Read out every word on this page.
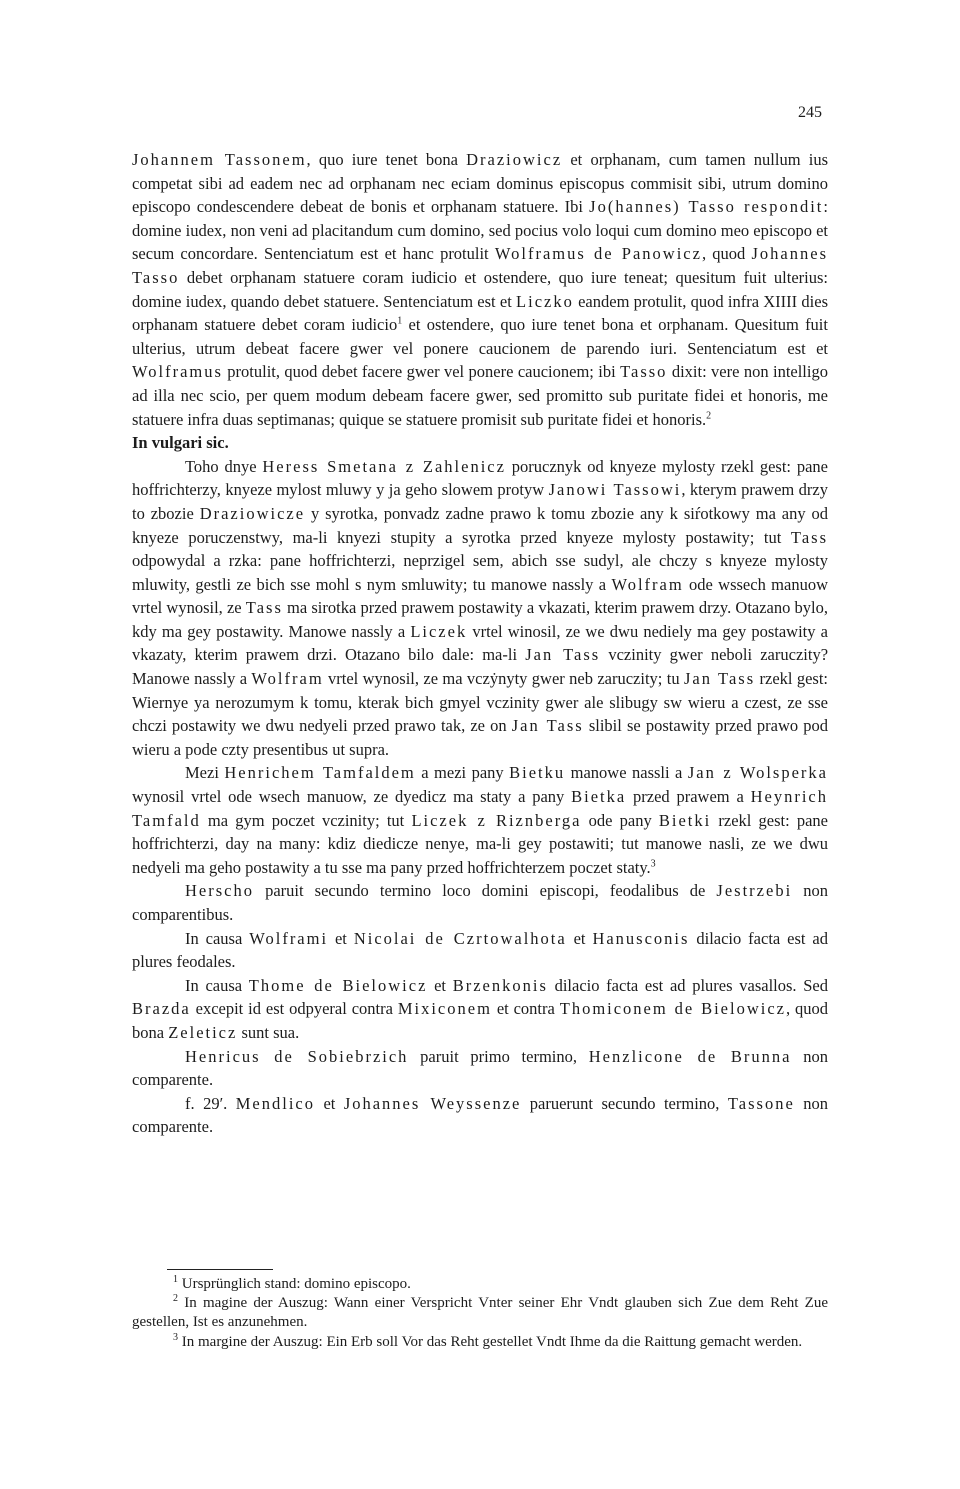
245

Johannem Tassonem, quo iure tenet bona Draziowicz et orphanam, cum tamen nullum ius competat sibi ad eadem nec ad orphanam nec eciam dominus episcopus commisit sibi, utrum domino episcopo condescendere debeat de bonis et orphanam statuere. Ibi Jo(hannes) Tasso respondit: domine iudex, non veni ad placitandum cum domino, sed pocius volo loqui cum domino meo episcopo et secum concordare. Sentenciatum est et hanc protulit Wolframus de Panowicz, quod Johannes Tasso debet orphanam statuere coram iudicio et ostendere, quo iure teneat; quesitum fuit ulterius: domine iudex, quando debet statuere. Sentenciatum est et Liczko eandem protulit, quod infra XIIII dies orphanam statuere debet coram iudicio$^1$ et ostendere, quo iure tenet bona et orphanam. Quesitum fuit ulterius, utrum debeat facere gwer vel ponere caucionem de parendo iuri. Sentenciatum est et Wolframus protulit, quod debet facere gwer vel ponere caucionem; ibi Tasso dixit: vere non intelligo ad illa nec scio, per quem modum debeam facere gwer, sed promitto sub puritate fidei et honoris, me statuere infra duas septimanas; quique se statuere promisit sub puritate fidei et honoris.$^2$

In vulgari sic.

Toho dnye Heress Smetana z Zahlenicz porucznyk od knyeze mylosty rzekl gest: pane hoffrichterzy, knyeze mylost mluwy y ja geho slowem protyw Janowi Tassowi, kterym prawem drzy to zbozie Draziowicze y syrotka, ponvadz zadne prawo k tomu zbozie any k siŕotkowy ma any od knyeze poruczenstwy, ma-li knyezi stupity a syrotka przed knyeze mylosty postawity; tut Tass odpowydal a rzka: pane hoffrichterzi, neprzigel sem, abich sse sudyl, ale chczy s knyeze mylosty mluwity, gestli ze bich sse mohl s nym smluwity; tu manowe nassly a Wolfram ode wssech manuow vrtel wynosil, ze Tass ma sirotka przed prawem postawity a vkazati, kterim prawem drzy. Otazano bylo, kdy ma gey postawity. Manowe nassly a Liczek vrtel winosil, ze we dwu nediely ma gey postawity a vkazaty, kterim prawem drzi. Otazano bilo dale: ma-li Jan Tass vczinity gwer neboli zaruczity? Manowe nassly a Wolfram vrtel wynosil, ze ma vczẏnyty gwer neb zaruczity; tu Jan Tass rzekl gest: Wiernye ya nerozumym k tomu, kterak bich gmyel vczinity gwer ale slibugy sw wieru a czest, ze sse chczi postawity we dwu nedyeli przed prawo tak, ze on Jan Tass slibil se postawity przed prawo pod wieru a pode czty presentibus ut supra.

Mezi Henrichem Tamfaldem a mezi pany Bietku manowe nassli a Jan z Wolsperka wynosil vrtel ode wsech manuow, ze dyedicz ma staty a pany Bietka przed prawem a Heynrich Tamfald ma gym poczet vczinity; tut Liczek z Riznberga ode pany Bietki rzekl gest: pane hoffrichterzi, day na many: kdiz diedicze nenye, ma-li gey postawiti; tut manowe nasli, ze we dwu nedyeli ma geho postawity a tu sse ma pany przed hoffrichterzem poczet staty.$^3$

Herscho paruit secundo termino loco domini episcopi, feodalibus de Jestrzebi non comparentibus.

In causa Wolframi et Nicolai de Czrtowalhota et Hanusconis dilacio facta est ad plures feodales.

In causa Thome de Bielowicz et Brzenkonis dilacio facta est ad plures vasallos. Sed Brazda excepit id est odpyeral contra Mixiconem et contra Thomiconem de Bielowicz, quod bona Zeleticz sunt sua.

Henricus de Sobiebrzich paruit primo termino, Henzlicone de Brunna non comparente.

f. 29ʹ. Mendlico et Johannes Weyssenze paruerunt secundo termino, Tassone non comparente.

$^1$ Ursprünglich stand: domino episcopo.

$^2$ In magine der Auszug: Wann einer Verspricht Vnter seiner Ehr Vndt glauben sich Zue dem Reht Zue gestellen, Ist es anzunehmen.

$^3$ In margine der Auszug: Ein Erb soll Vor das Reht gestellet Vndt Ihme da die Raittung gemacht werden.
